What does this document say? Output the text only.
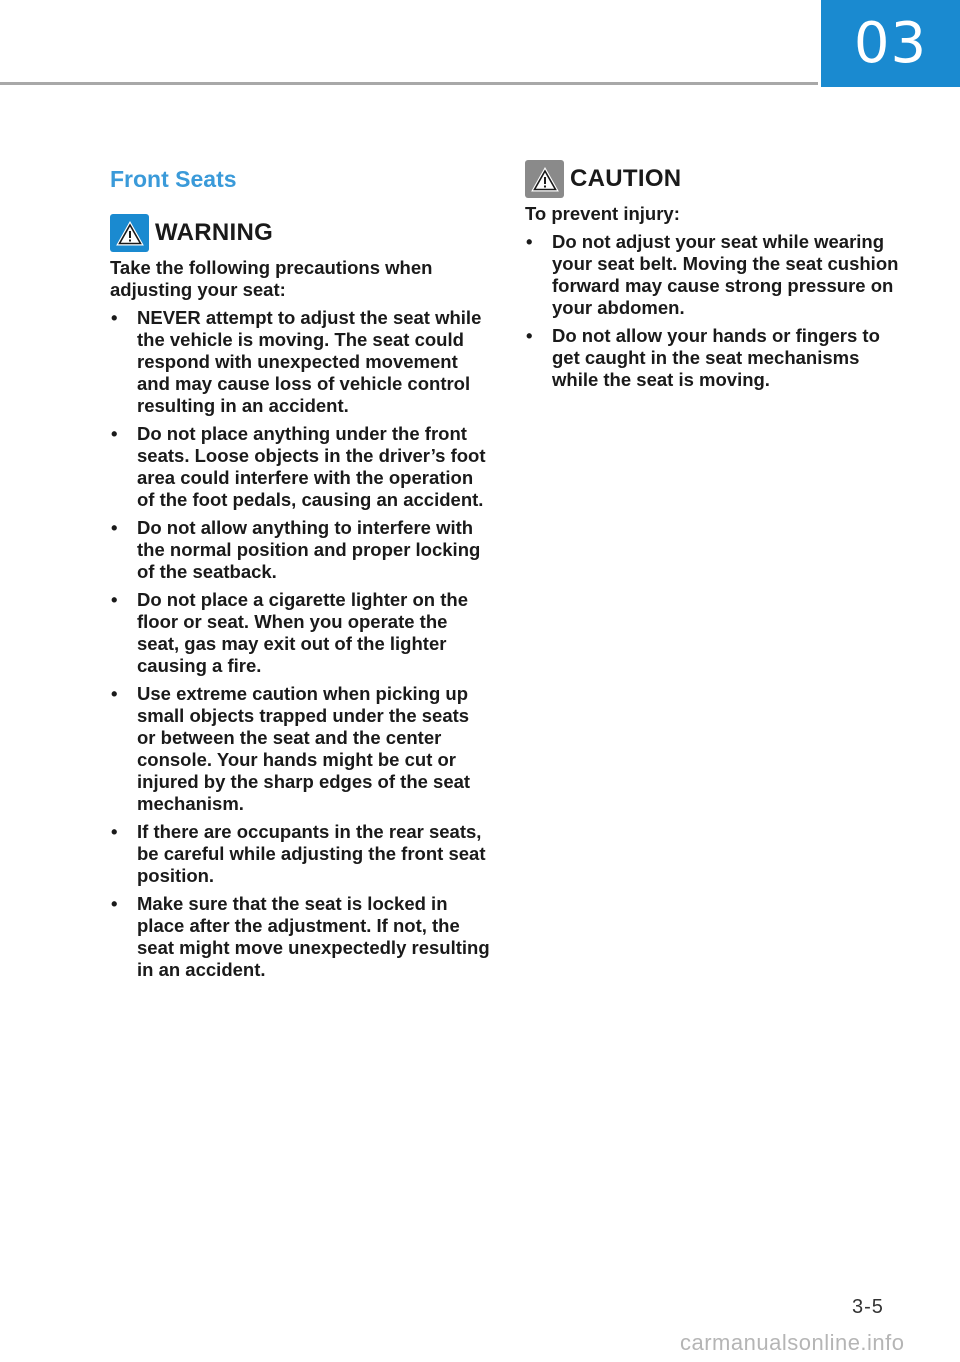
03
Front Seats
WARNING

Take the following precautions when adjusting your seat:

• NEVER attempt to adjust the seat while the vehicle is moving. The seat could respond with unexpected movement and may cause loss of vehicle control resulting in an accident.
• Do not place anything under the front seats. Loose objects in the driver’s foot area could interfere with the operation of the foot pedals, causing an accident.
• Do not allow anything to interfere with the normal position and proper locking of the seatback.
• Do not place a cigarette lighter on the floor or seat. When you operate the seat, gas may exit out of the lighter causing a fire.
• Use extreme caution when picking up small objects trapped under the seats or between the seat and the center console. Your hands might be cut or injured by the sharp edges of the seat mechanism.
• If there are occupants in the rear seats, be careful while adjusting the front seat position.
• Make sure that the seat is locked in place after the adjustment. If not, the seat might move unexpectedly resulting in an accident.
CAUTION

To prevent injury:

• Do not adjust your seat while wearing your seat belt. Moving the seat cushion forward may cause strong pressure on your abdomen.
• Do not allow your hands or fingers to get caught in the seat mechanisms while the seat is moving.
3-5
carmanualsonline.info
